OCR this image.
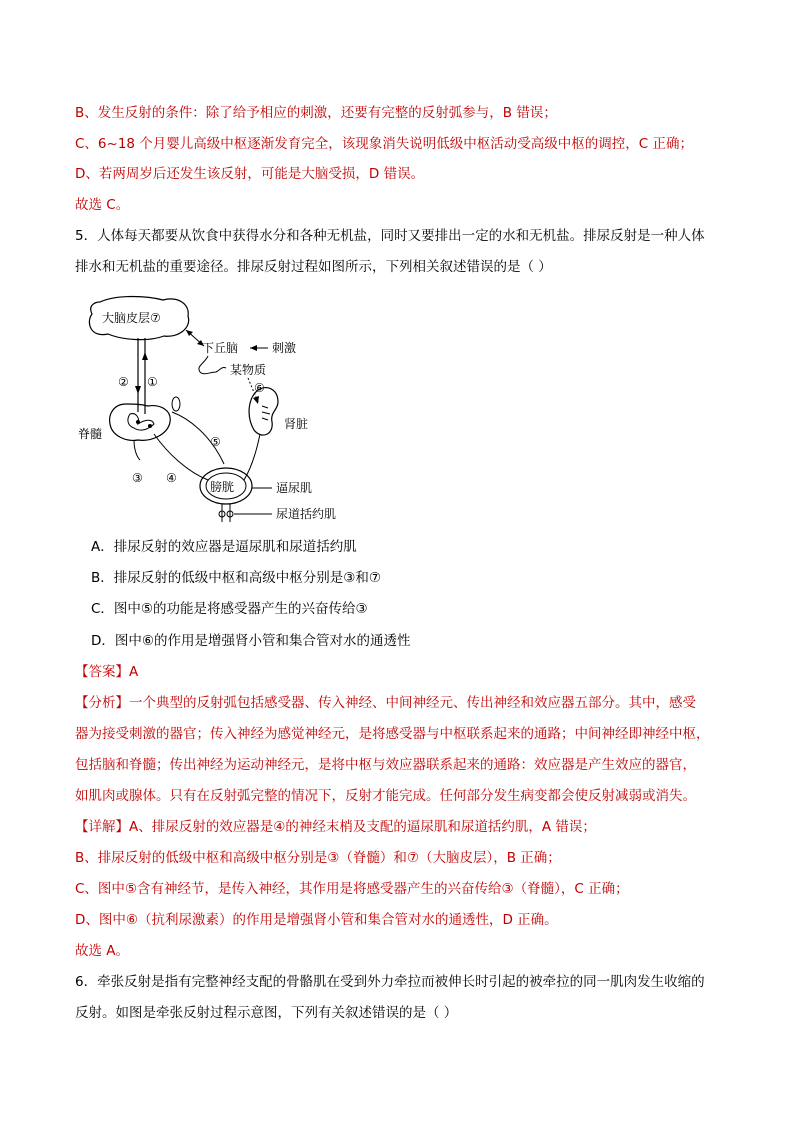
B、发生反射的条件：除了给予相应的刺激，还要有完整的反射弧参与，B 错误；
C、6~18 个月婴儿高级中枢逐渐发育完全，该现象消失说明低级中枢活动受高级中枢的调控，C 正确；
D、若两周岁后还发生该反射，可能是大脑受损，D 错误。
故选 C。
5．人体每天都要从饮食中获得水分和各种无机盐，同时又要排出一定的水和无机盐。排尿反射是一种人体
排水和无机盐的重要途径。排尿反射过程如图所示，下列相关叙述错误的是（ ）
大脑皮层⑦
② ①
下丘脑	刺激
某物质
⑥
肾脏
脊髓
③ ④
⑤
膀胱	逼尿肌
尿道括约肌
A．排尿反射的效应器是逼尿肌和尿道括约肌
B．排尿反射的低级中枢和高级中枢分别是③和⑦
C．图中⑤的功能是将感受器产生的兴奋传给③
D．图中⑥的作用是增强肾小管和集合管对水的通透性
【答案】A
【分析】一个典型的反射弧包括感受器、传入神经、中间神经元、传出神经和效应器五部分。其中，感受
器为接受刺激的器官；传入神经为感觉神经元，是将感受器与中枢联系起来的通路；中间神经即神经中枢，
包括脑和脊髓；传出神经为运动神经元，是将中枢与效应器联系起来的通路：效应器是产生效应的器官，
如肌肉或腺体。只有在反射弧完整的情况下，反射才能完成。任何部分发生病变都会使反射减弱或消失。
【详解】A、排尿反射的效应器是④的神经末梢及支配的逼尿肌和尿道括约肌，A 错误；
B、排尿反射的低级中枢和高级中枢分别是③（脊髓）和⑦（大脑皮层），B 正确；
C、图中⑤含有神经节，是传入神经，其作用是将感受器产生的兴奋传给③（脊髓），C 正确；
D、图中⑥（抗利尿激素）的作用是增强肾小管和集合管对水的通透性，D 正确。
故选 A。
6．牵张反射是指有完整神经支配的骨骼肌在受到外力牵拉而被伸长时引起的被牵拉的同一肌肉发生收缩的
反射。如图是牵张反射过程示意图，下列有关叙述错误的是（ ）
